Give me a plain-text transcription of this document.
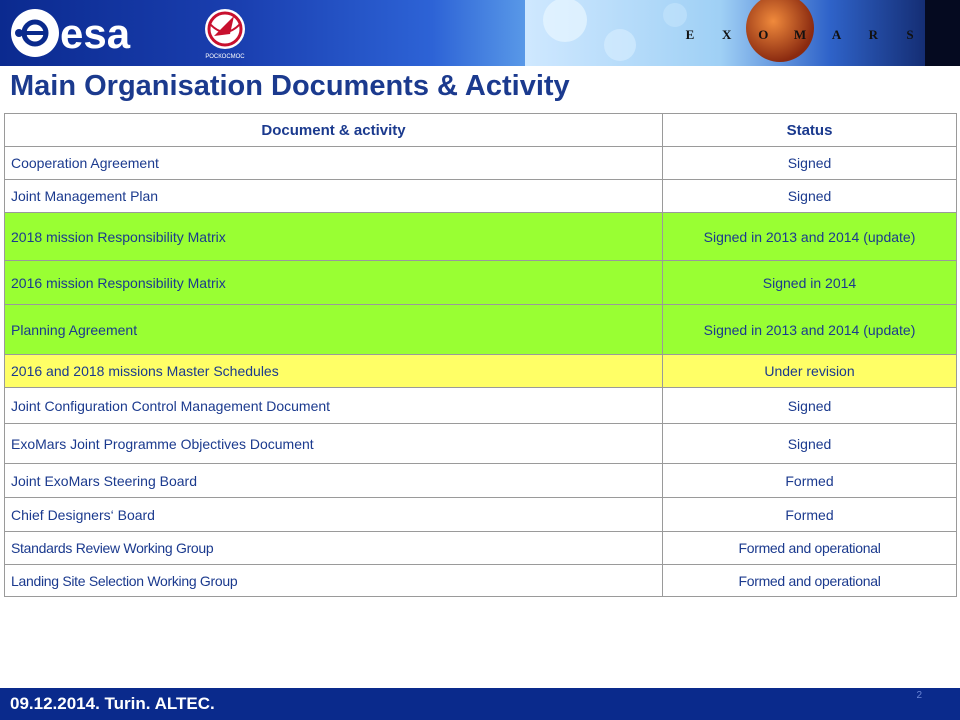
esa	РОСКОСМОС
E	X	O	M	A	R	S
Main Organisation Documents & Activity
Document & activity	Status
Cooperation Agreement	Signed
Joint Management Plan	Signed
2018 mission Responsibility Matrix	Signed in 2013 and 2014 (update)
2016 mission Responsibility Matrix	Signed in 2014
Planning Agreement	Signed in 2013 and 2014 (update)
2016 and 2018 missions Master Schedules	Under revision
Joint Configuration Control Management Document	Signed
ExoMars Joint Programme Objectives Document	Signed
Joint ExoMars Steering Board	Formed
Chief Designers‘ Board	Formed
Standards Review Working Group	Formed and operational
Landing Site Selection Working Group	Formed and operational
09.12.2014. Turin. ALTEC.	2
